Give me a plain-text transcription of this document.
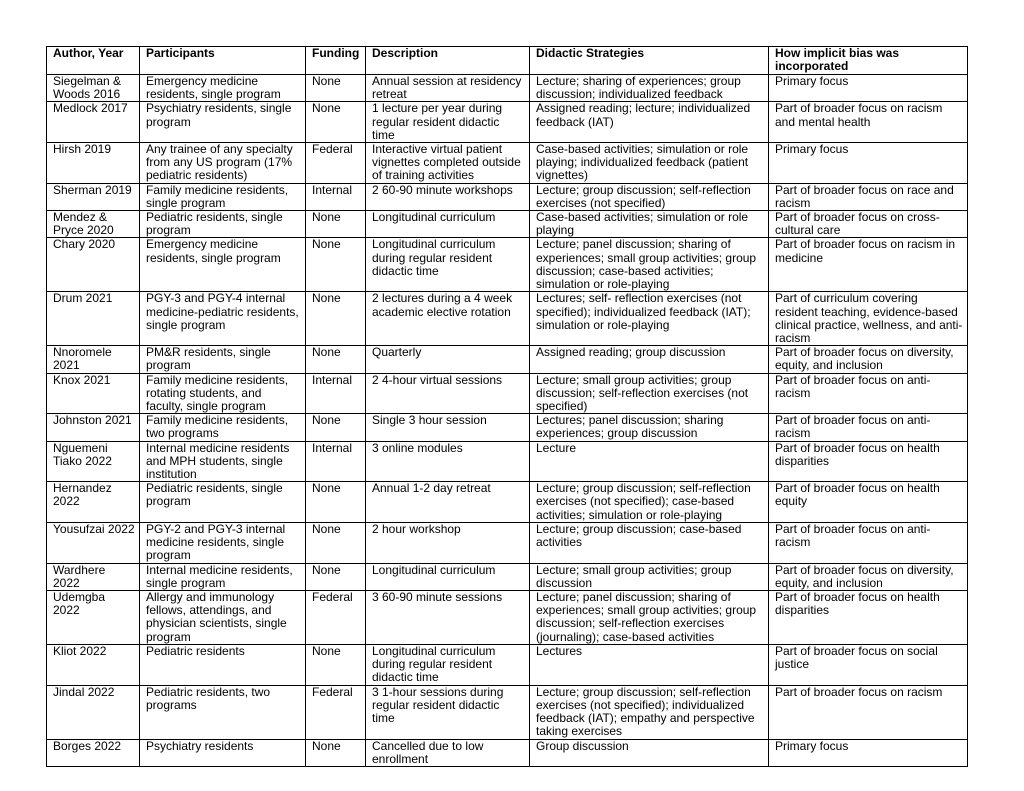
Author, Year	Participants	Funding	Description	Didactic Strategies	How implicit bias was incorporated
Siegelman & Woods 2016	Emergency medicine residents, single program	None	Annual session at residency retreat	Lecture; sharing of experiences; group discussion; individualized feedback	Primary focus
Medlock 2017	Psychiatry residents, single program	None	1 lecture per year during regular resident didactic time	Assigned reading; lecture; individualized feedback (IAT)	Part of broader focus on racism and mental health
Hirsh 2019	Any trainee of any specialty from any US program (17% pediatric residents)	Federal	Interactive virtual patient vignettes completed outside of training activities	Case-based activities; simulation or role playing; individualized feedback (patient vignettes)	Primary focus
Sherman 2019	Family medicine residents, single program	Internal	2 60-90 minute workshops	Lecture; group discussion; self-reflection exercises (not specified)	Part of broader focus on race and racism
Mendez & Pryce 2020	Pediatric residents, single program	None	Longitudinal curriculum	Case-based activities; simulation or role playing	Part of broader focus on cross-cultural care
Chary 2020	Emergency medicine residents, single program	None	Longitudinal curriculum during regular resident didactic time	Lecture; panel discussion; sharing of experiences; small group activities; group discussion; case-based activities; simulation or role-playing	Part of broader focus on racism in medicine
Drum 2021	PGY-3 and PGY-4 internal medicine-pediatric residents, single program	None	2 lectures during a 4 week academic elective rotation	Lectures; self- reflection exercises (not specified); individualized feedback (IAT); simulation or role-playing	Part of curriculum covering resident teaching, evidence-based clinical practice, wellness, and anti-racism
Nnoromele 2021	PM&R residents, single program	None	Quarterly	Assigned reading; group discussion	Part of broader focus on diversity, equity, and inclusion
Knox 2021	Family medicine residents, rotating students, and faculty, single program	Internal	2 4-hour virtual sessions	Lecture; small group activities; group discussion; self-reflection exercises (not specified)	Part of broader focus on anti-racism
Johnston 2021	Family medicine residents, two programs	None	Single 3 hour session	Lectures; panel discussion; sharing experiences; group discussion	Part of broader focus on anti-racism
Nguemeni Tiako 2022	Internal medicine residents and MPH students, single institution	Internal	3 online modules	Lecture	Part of broader focus on health disparities
Hernandez 2022	Pediatric residents, single program	None	Annual 1-2 day retreat	Lecture; group discussion; self-reflection exercises (not specified); case-based activities; simulation or role-playing	Part of broader focus on health equity
Yousufzai 2022	PGY-2 and PGY-3 internal medicine residents, single program	None	2 hour workshop	Lecture; group discussion; case-based activities	Part of broader focus on anti-racism
Wardhere 2022	Internal medicine residents, single program	None	Longitudinal curriculum	Lecture; small group activities; group discussion	Part of broader focus on diversity, equity, and inclusion
Udemgba 2022	Allergy and immunology fellows, attendings, and physician scientists, single program	Federal	3 60-90 minute sessions	Lecture; panel discussion; sharing of experiences; small group activities; group discussion; self-reflection exercises (journaling); case-based activities	Part of broader focus on health disparities
Kliot 2022	Pediatric residents	None	Longitudinal curriculum during regular resident didactic time	Lectures	Part of broader focus on social justice
Jindal 2022	Pediatric residents, two programs	Federal	3 1-hour sessions during regular resident didactic time	Lecture; group discussion; self-reflection exercises (not specified); individualized feedback (IAT); empathy and perspective taking exercises	Part of broader focus on racism
Borges 2022	Psychiatry residents	None	Cancelled due to low enrollment	Group discussion	Primary focus
